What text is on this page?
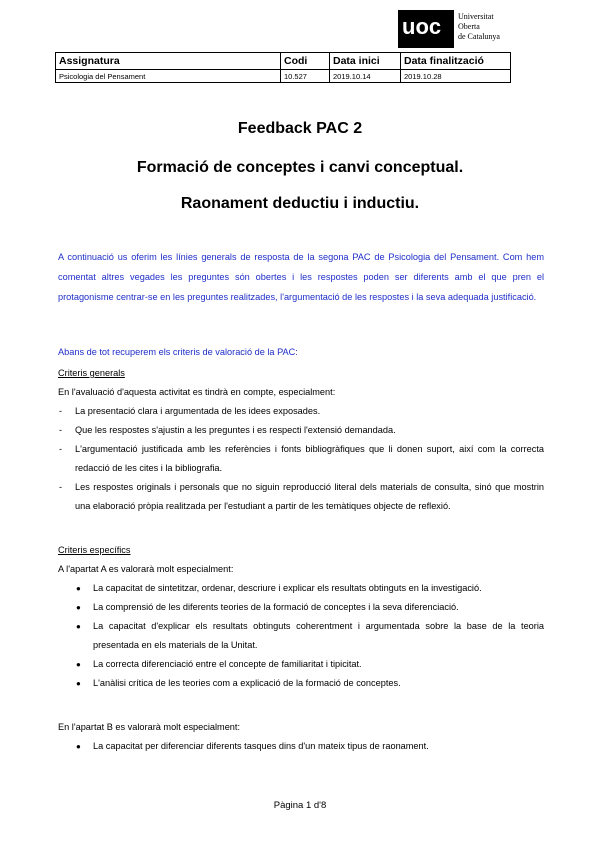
uoc Universitat
Oberta
de Catalunya
Assignatura	Codi	Data inici	Data finalització
Psicologia del Pensament	10.527	2019.10.14	2019.10.28
Feedback PAC 2
Formació de conceptes i canvi conceptual.
Raonament deductiu i inductiu.
A continuació us oferim les línies generals de resposta de la segona PAC de Psicologia del Pensament. Com hem comentat altres vegades les preguntes són obertes i les respostes poden ser diferents amb el que pren el protagonisme centrar-se en les preguntes realitzades, l'argumentació de les respostes i la seva adequada justificació.
Abans de tot recuperem els criteris de valoració de la PAC:
Criteris generals
En l'avaluació d'aquesta activitat es tindrà en compte, especialment:
- La presentació clara i argumentada de les idees exposades.
- Que les respostes s'ajustin a les preguntes i es respecti l'extensió demandada.
- L'argumentació justificada amb les referències i fonts bibliogràfiques que li donen suport, així com la correcta redacció de les cites i la bibliografia.
- Les respostes originals i personals que no siguin reproducció literal dels materials de consulta, sinó que mostrin una elaboració pròpia realitzada per l'estudiant a partir de les temàtiques objecte de reflexió.
Criteris específics
A l'apartat A es valorarà molt especialment:
● La capacitat de sintetitzar, ordenar, descriure i explicar els resultats obtinguts en la investigació.
● La comprensió de les diferents teories de la formació de conceptes i la seva diferenciació.
● La capacitat d'explicar els resultats obtinguts coherentment i argumentada sobre la base de la teoria presentada en els materials de la Unitat.
● La correcta diferenciació entre el concepte de familiaritat i tipicitat.
● L'anàlisi crítica de les teories com a explicació de la formació de conceptes.
En l'apartat B es valorarà molt especialment:
● La capacitat per diferenciar diferents tasques dins d'un mateix tipus de raonament.
Pàgina 1 d'8
